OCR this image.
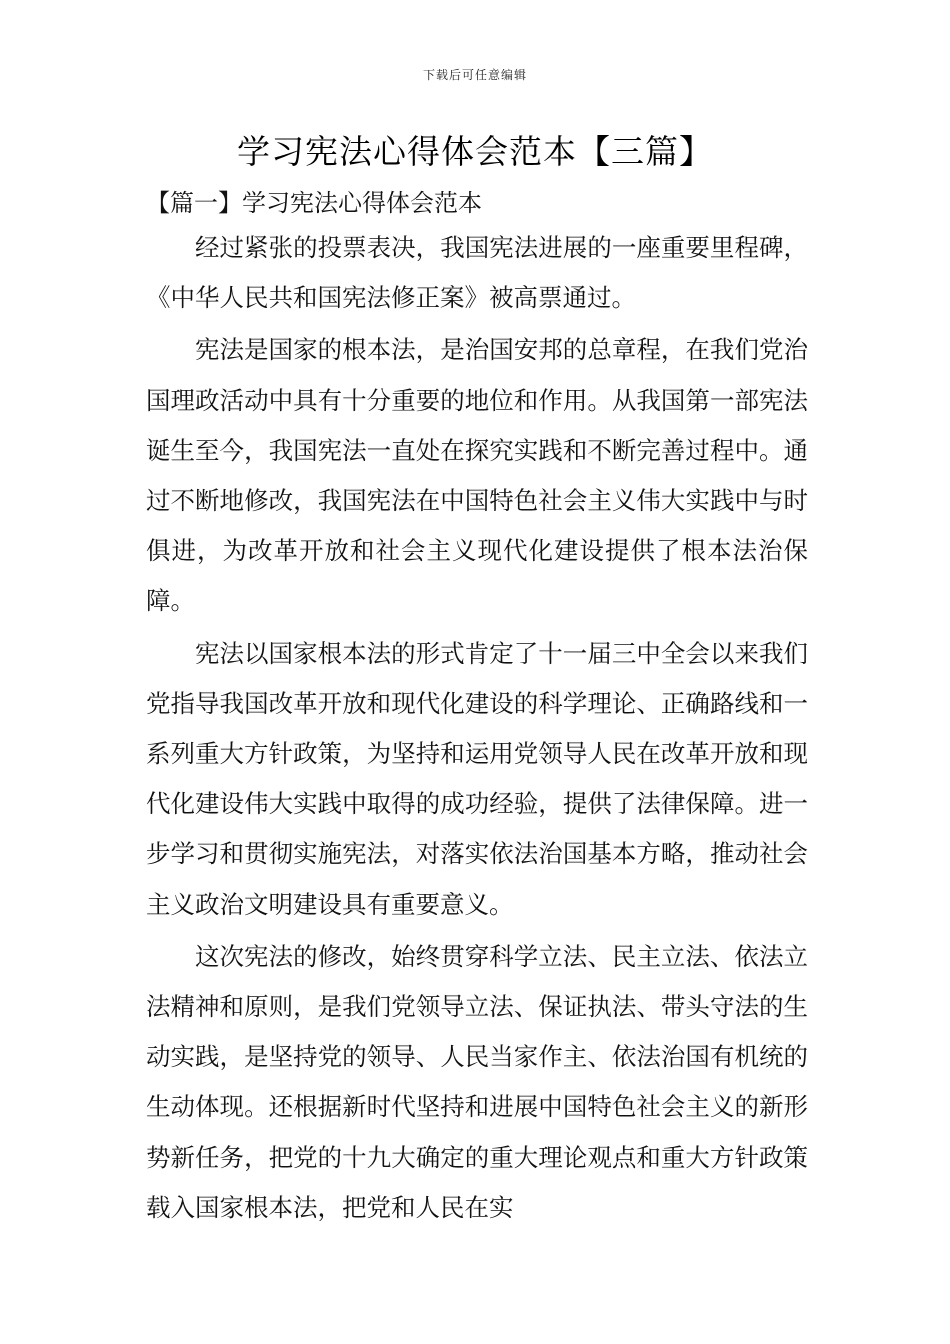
下载后可任意编辑
学习宪法心得体会范本【三篇】
【篇一】学习宪法心得体会范本

经过紧张的投票表决，我国宪法进展的一座重要里程碑，《中华人民共和国宪法修正案》被高票通过。

宪法是国家的根本法，是治国安邦的总章程，在我们党治国理政活动中具有十分重要的地位和作用。从我国第一部宪法诞生至今，我国宪法一直处在探究实践和不断完善过程中。通过不断地修改，我国宪法在中国特色社会主义伟大实践中与时俱进，为改革开放和社会主义现代化建设提供了根本法治保障。

宪法以国家根本法的形式肯定了十一届三中全会以来我们党指导我国改革开放和现代化建设的科学理论、正确路线和一系列重大方针政策，为坚持和运用党领导人民在改革开放和现代化建设伟大实践中取得的成功经验，提供了法律保障。进一步学习和贯彻实施宪法，对落实依法治国基本方略，推动社会主义政治文明建设具有重要意义。

这次宪法的修改，始终贯穿科学立法、民主立法、依法立法精神和原则，是我们党领导立法、保证执法、带头守法的生动实践，是坚持党的领导、人民当家作主、依法治国有机统的生动体现。还根据新时代坚持和进展中国特色社会主义的新形势新任务，把党的十九大确定的重大理论观点和重大方针政策载入国家根本法，把党和人民在实
